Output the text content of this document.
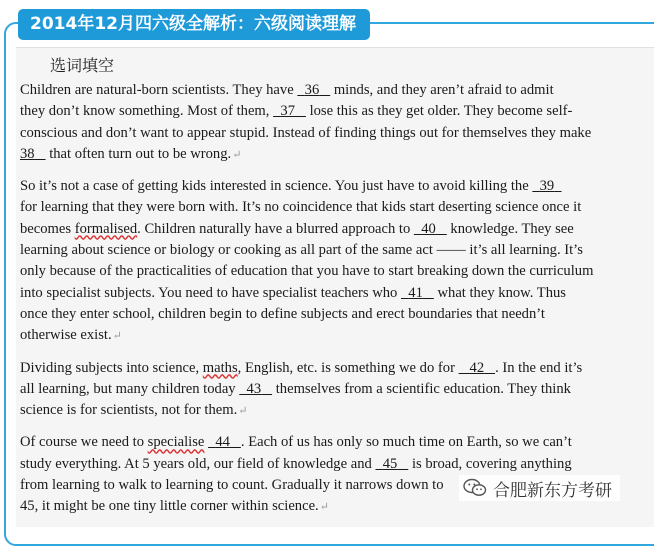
2014年12月四六级全解析：六级阅读理解
选词填空

Children are natural-born scientists. They have   36    minds, and they aren’t afraid to admit
they don’t know something. Most of them,   37    lose this as they get older. They become self-
conscious and don’t want to appear stupid. Instead of finding things out for themselves they make
38    that often turn out to be wrong.↵

So it’s not a case of getting kids interested in science. You just have to avoid killing the   39
for learning that they were born with. It’s no coincidence that kids start deserting science once it
becomes formalised. Children naturally have a blurred approach to   40    knowledge. They see
learning about science or biology or cooking as all part of the same act —— it’s all learning. It’s
only because of the practicalities of education that you have to start breaking down the curriculum
into specialist subjects. You need to have specialist teachers who   41    what they know. Thus
once they enter school, children begin to define subjects and erect boundaries that needn’t
otherwise exist.↵

Dividing subjects into science, maths, English, etc. is something we do for    42 . In the end it’s
all learning, but many children today   43    themselves from a scientific education. They think
science is for scientists, not for them.↵

Of course we need to specialise 44 . Each of us has only so much time on Earth, so we can’t
study everything. At 5 years old, our field of knowledge and   45    is broad, covering anything
from learning to walk to learning to count. Gradually it narrows down to
45, it might be one tiny little corner within science.↵

合肥新东方考研
